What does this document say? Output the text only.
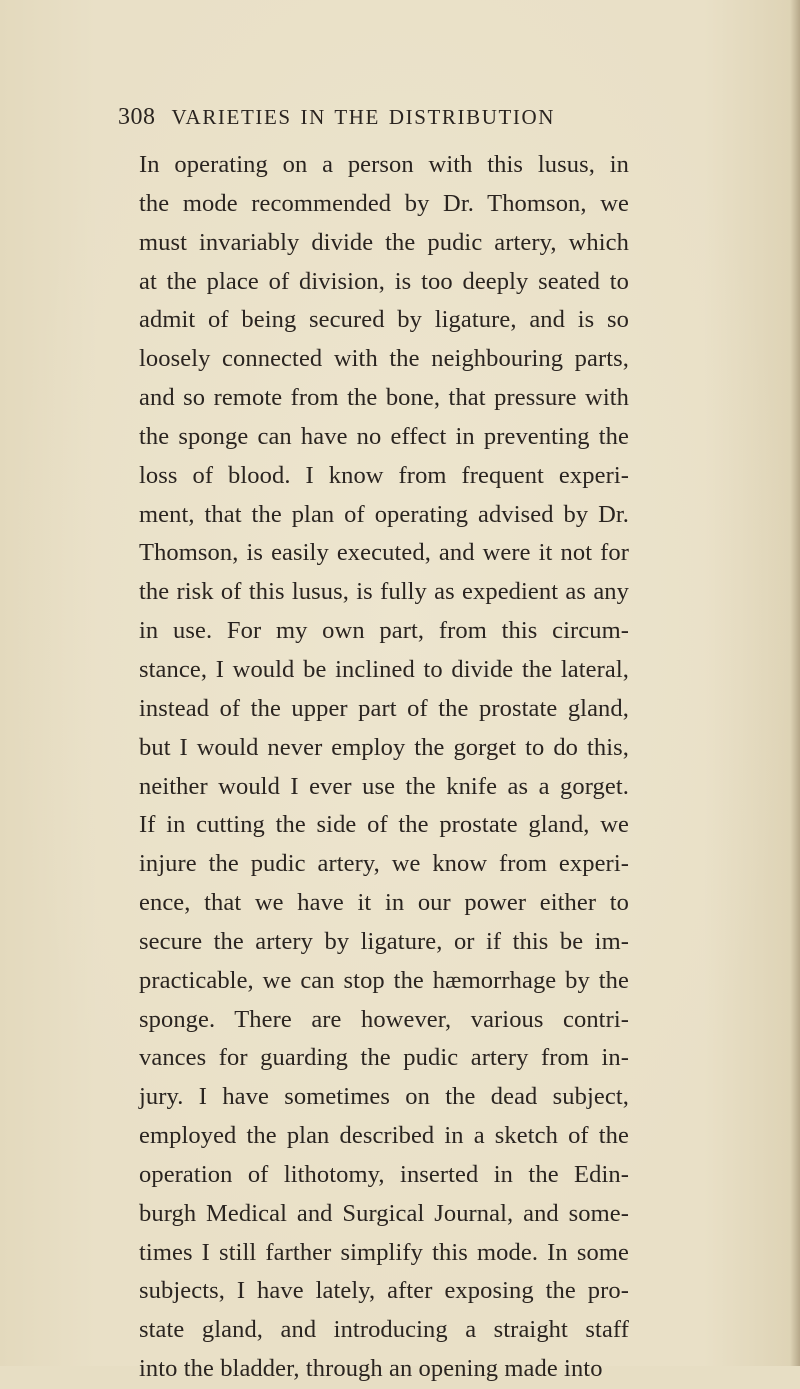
308 VARIETIES IN THE DISTRIBUTION
In operating on a person with this lusus, in
the mode recommended by Dr. Thomson, we
must invariably divide the pudic artery, which
at the place of division, is too deeply seated to
admit of being secured by ligature, and is so
loosely connected with the neighbouring parts,
and so remote from the bone, that pressure with
the sponge can have no effect in preventing the
loss of blood. I know from frequent experi-
ment, that the plan of operating advised by Dr.
Thomson, is easily executed, and were it not for
the risk of this lusus, is fully as expedient as any
in use. For my own part, from this circum-
stance, I would be inclined to divide the lateral,
instead of the upper part of the prostate gland,
but I would never employ the gorget to do this,
neither would I ever use the knife as a gorget.
If in cutting the side of the prostate gland, we
injure the pudic artery, we know from experi-
ence, that we have it in our power either to
secure the artery by ligature, or if this be im-
practicable, we can stop the hæmorrhage by the
sponge. There are however, various contri-
vances for guarding the pudic artery from in-
jury. I have sometimes on the dead subject,
employed the plan described in a sketch of the
operation of lithotomy, inserted in the Edin-
burgh Medical and Surgical Journal, and some-
times I still farther simplify this mode. In some
subjects, I have lately, after exposing the pro-
state gland, and introducing a straight staff
into the bladder, through an opening made into
